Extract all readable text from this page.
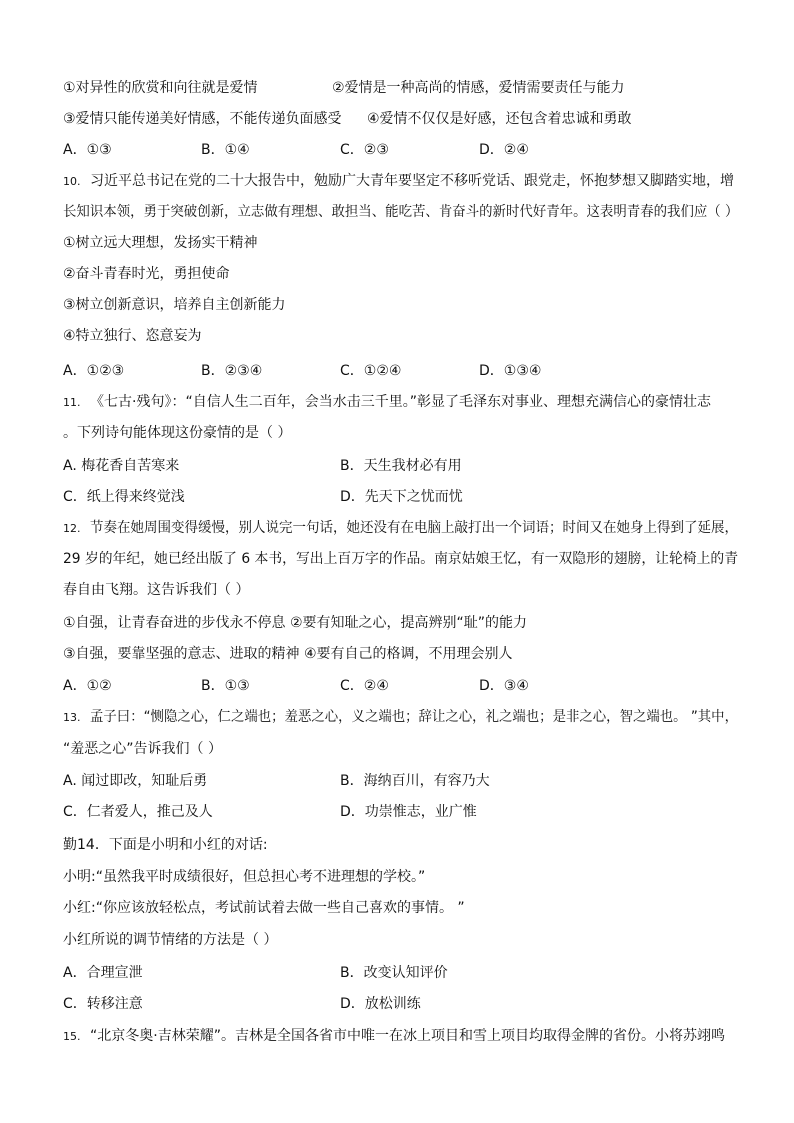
①对异性的欣赏和向往就是爱情	②爱情是一种高尚的情感，爱情需要责任与能力
③爱情只能传递美好情感，不能传递负面感受 ④爱情不仅仅是好感，还包含着忠诚和勇敢
A．①③	B．①④	C．②③	D．②④
10. 习近平总书记在党的二十大报告中，勉励广大青年要坚定不移听党话、跟党走，怀抱梦想又脚踏实地，增
长知识本领，勇于突破创新，立志做有理想、敢担当、能吃苦、肯奋斗的新时代好青年。这表明青春的我们应（ ）
①树立远大理想，发扬实干精神
②奋斗青春时光，勇担使命
③树立创新意识，培养自主创新能力
④特立独行、恣意妄为
A．①②③	B．②③④	C．①②④	D．①③④
11. 《七古·残句》：“自信人生二百年，会当水击三千里。”彰显了毛泽东对事业、理想充满信心的豪情壮志
。下列诗句能体现这份豪情的是（ ）
A. 梅花香自苦寒来	B．天生我材必有用
C．纸上得来终觉浅	D．先天下之忧而忧
12. 节奏在她周围变得缓慢，别人说完一句话，她还没有在电脑上敲打出一个词语；时间又在她身上得到了延展，
29 岁的年纪，她已经出版了 6 本书，写出上百万字的作品。南京姑娘王忆，有一双隐形的翅膀，让轮椅上的青
春自由飞翔。这告诉我们（ ）
①自强，让青春奋进的步伐永不停息 ②要有知耻之心，提高辨别“耻”的能力
③自强，要靠坚强的意志、进取的精神 ④要有自己的格调，不用理会别人
A．①②	B．①③	C．②④	D．③④
13. 孟子曰：“恻隐之心，仁之端也；羞恶之心，义之端也；辞让之心，礼之端也；是非之心，智之端也。 ”其中，
“羞恶之心”告诉我们（ ）
A. 闻过即改，知耻后勇	B．海纳百川，有容乃大
C．仁者爱人，推己及人	D．功崇惟志，业广惟
勤14．下面是小明和小红的对话:
小明:“虽然我平时成绩很好，但总担心考不进理想的学校。”
小红:“你应该放轻松点，考试前试着去做一些自己喜欢的事情。 ”
小红所说的调节情绪的方法是（ ）
A．合理宣泄	B．改变认知评价
C．转移注意	D．放松训练
15. “北京冬奥·吉林荣耀”。吉林是全国各省市中唯一在冰上项目和雪上项目均取得金牌的省份。小将苏翊鸣
